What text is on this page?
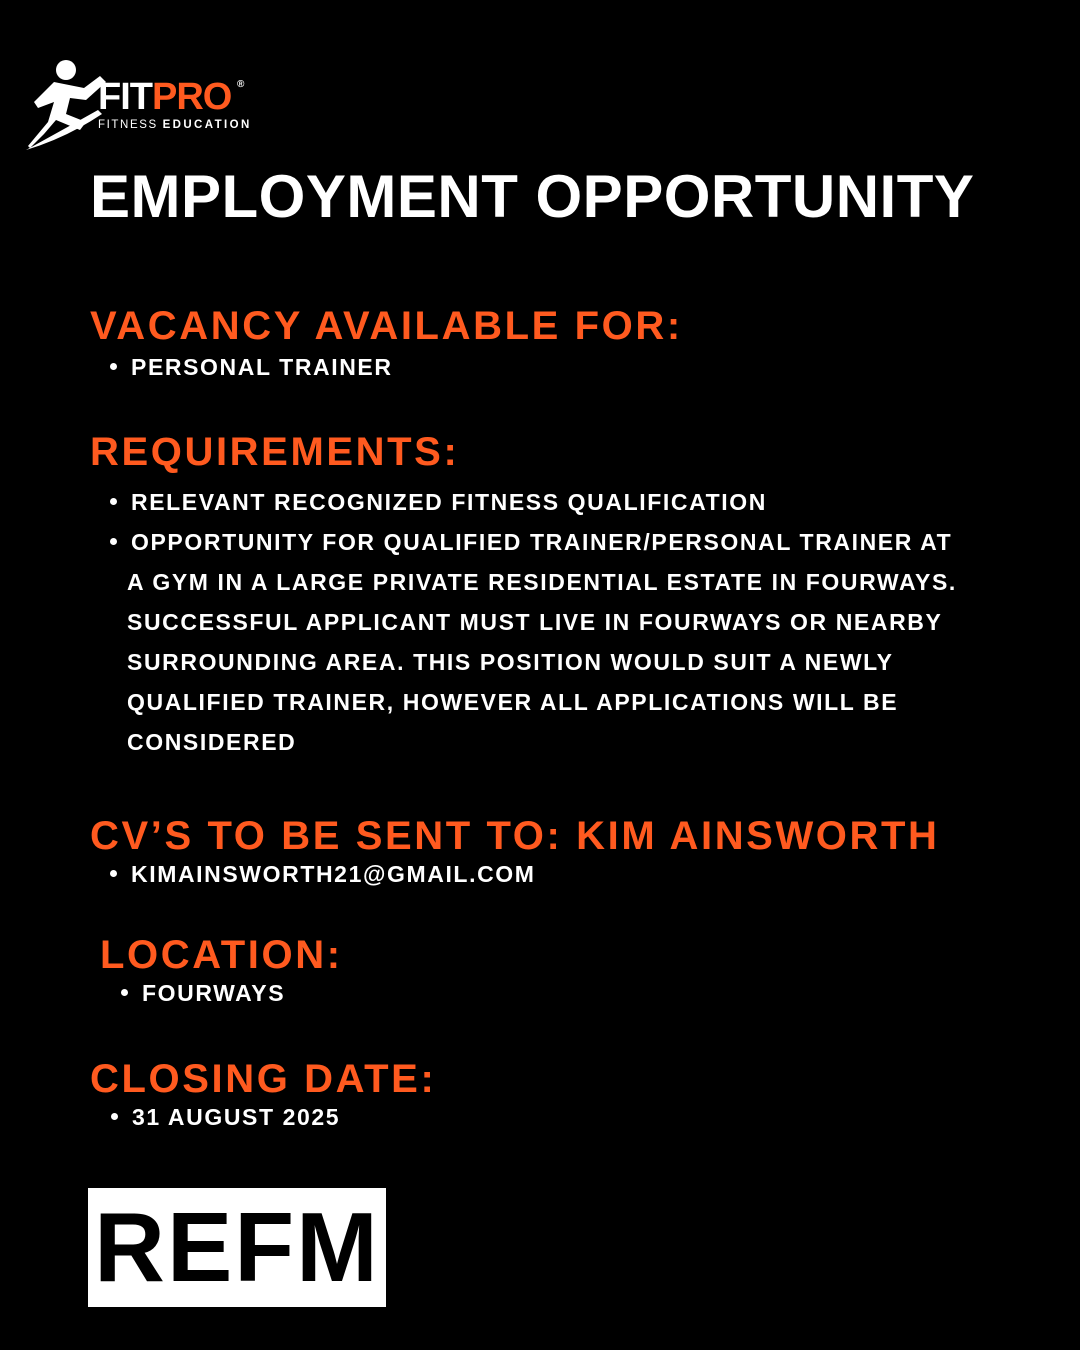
FITPRO ®
FITNESS EDUCATION
EMPLOYMENT OPPORTUNITY
VACANCY AVAILABLE FOR:
PERSONAL TRAINER
REQUIREMENTS:
RELEVANT RECOGNIZED FITNESS QUALIFICATION
OPPORTUNITY FOR QUALIFIED TRAINER/PERSONAL TRAINER AT
A GYM IN A LARGE PRIVATE RESIDENTIAL ESTATE IN FOURWAYS.
SUCCESSFUL APPLICANT MUST LIVE IN FOURWAYS OR NEARBY
SURROUNDING AREA. THIS POSITION WOULD SUIT A NEWLY
QUALIFIED TRAINER, HOWEVER ALL APPLICATIONS WILL BE
CONSIDERED
CV’S TO BE SENT TO: KIM AINSWORTH
KIMAINSWORTH21@GMAIL.COM
LOCATION:
FOURWAYS
CLOSING DATE:
31 AUGUST 2025
REFM
